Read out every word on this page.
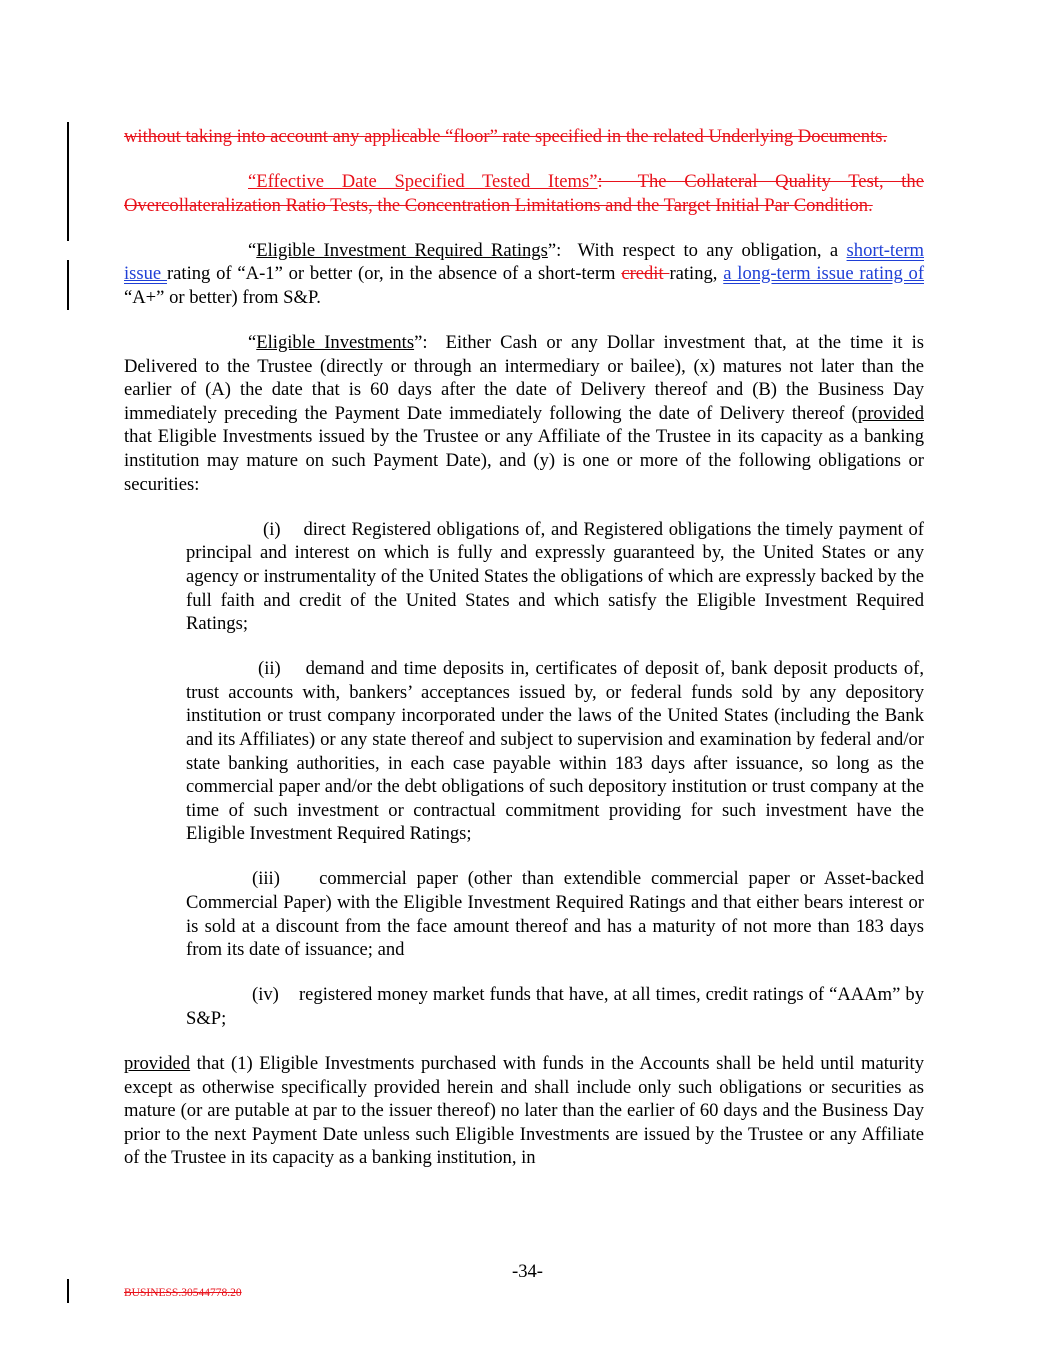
without taking into account any applicable “floor” rate specified in the related Underlying Documents.

“Effective Date Specified Tested Items”:  The Collateral Quality Test, the Overcollateralization Ratio Tests, the Concentration Limitations and the Target Initial Par Condition.

“Eligible Investment Required Ratings”:  With respect to any obligation, a short-term issue rating of “A-1” or better (or, in the absence of a short-term credit rating, a long-term issue rating of “A+” or better) from S&P.

“Eligible Investments”:  Either Cash or any Dollar investment that, at the time it is Delivered to the Trustee (directly or through an intermediary or bailee), (x) matures not later than the earlier of (A) the date that is 60 days after the date of Delivery thereof and (B) the Business Day immediately preceding the Payment Date immediately following the date of Delivery thereof (provided that Eligible Investments issued by the Trustee or any Affiliate of the Trustee in its capacity as a banking institution may mature on such Payment Date), and (y) is one or more of the following obligations or securities:

(i) direct Registered obligations of, and Registered obligations the timely payment of principal and interest on which is fully and expressly guaranteed by, the United States or any agency or instrumentality of the United States the obligations of which are expressly backed by the full faith and credit of the United States and which satisfy the Eligible Investment Required Ratings;

(ii) demand and time deposits in, certificates of deposit of, bank deposit products of, trust accounts with, bankers’ acceptances issued by, or federal funds sold by any depository institution or trust company incorporated under the laws of the United States (including the Bank and its Affiliates) or any state thereof and subject to supervision and examination by federal and/or state banking authorities, in each case payable within 183 days after issuance, so long as the commercial paper and/or the debt obligations of such depository institution or trust company at the time of such investment or contractual commitment providing for such investment have the Eligible Investment Required Ratings;

(iii) commercial paper (other than extendible commercial paper or Asset-backed Commercial Paper) with the Eligible Investment Required Ratings and that either bears interest or is sold at a discount from the face amount thereof and has a maturity of not more than 183 days from its date of issuance; and

(iv) registered money market funds that have, at all times, credit ratings of “AAAm” by S&P;

provided that (1) Eligible Investments purchased with funds in the Accounts shall be held until maturity except as otherwise specifically provided herein and shall include only such obligations or securities as mature (or are putable at par to the issuer thereof) no later than the earlier of 60 days and the Business Day prior to the next Payment Date unless such Eligible Investments are issued by the Trustee or any Affiliate of the Trustee in its capacity as a banking institution, in

-34-
BUSINESS.30544778.20
